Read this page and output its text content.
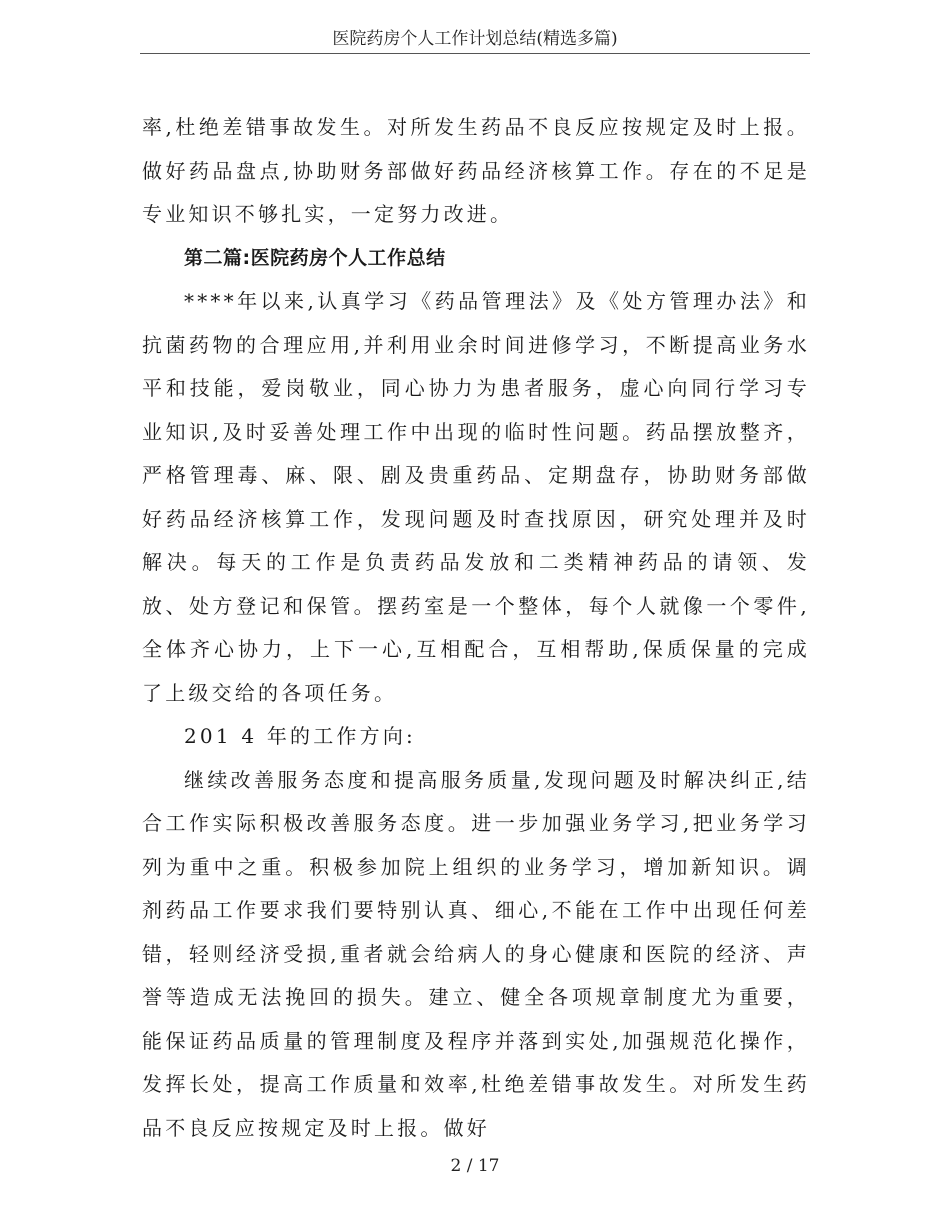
医院药房个人工作计划总结(精选多篇)

率,杜绝差错事故发生。对所发生药品不良反应按规定及时上报。做好药品盘点,协助财务部做好药品经济核算工作。存在的不足是专业知识不够扎实，一定努力改进。

第二篇:医院药房个人工作总结

****年以来,认真学习《药品管理法》及《处方管理办法》和抗菌药物的合理应用,并利用业余时间进修学习，不断提高业务水平和技能，爱岗敬业，同心协力为患者服务，虚心向同行学习专业知识,及时妥善处理工作中出现的临时性问题。药品摆放整齐，严格管理毒、麻、限、剧及贵重药品、定期盘存，协助财务部做好药品经济核算工作，发现问题及时查找原因，研究处理并及时解决。每天的工作是负责药品发放和二类精神药品的请领、发放、处方登记和保管。摆药室是一个整体，每个人就像一个零件,全体齐心协力，上下一心,互相配合，互相帮助,保质保量的完成了上级交给的各项任务。

201 4 年的工作方向:

继续改善服务态度和提高服务质量,发现问题及时解决纠正,结合工作实际积极改善服务态度。进一步加强业务学习,把业务学习列为重中之重。积极参加院上组织的业务学习，增加新知识。调剂药品工作要求我们要特别认真、细心,不能在工作中出现任何差错，轻则经济受损,重者就会给病人的身心健康和医院的经济、声誉等造成无法挽回的损失。建立、健全各项规章制度尤为重要，能保证药品质量的管理制度及程序并落到实处,加强规范化操作，发挥长处，提高工作质量和效率,杜绝差错事故发生。对所发生药品不良反应按规定及时上报。做好

2 / 17
